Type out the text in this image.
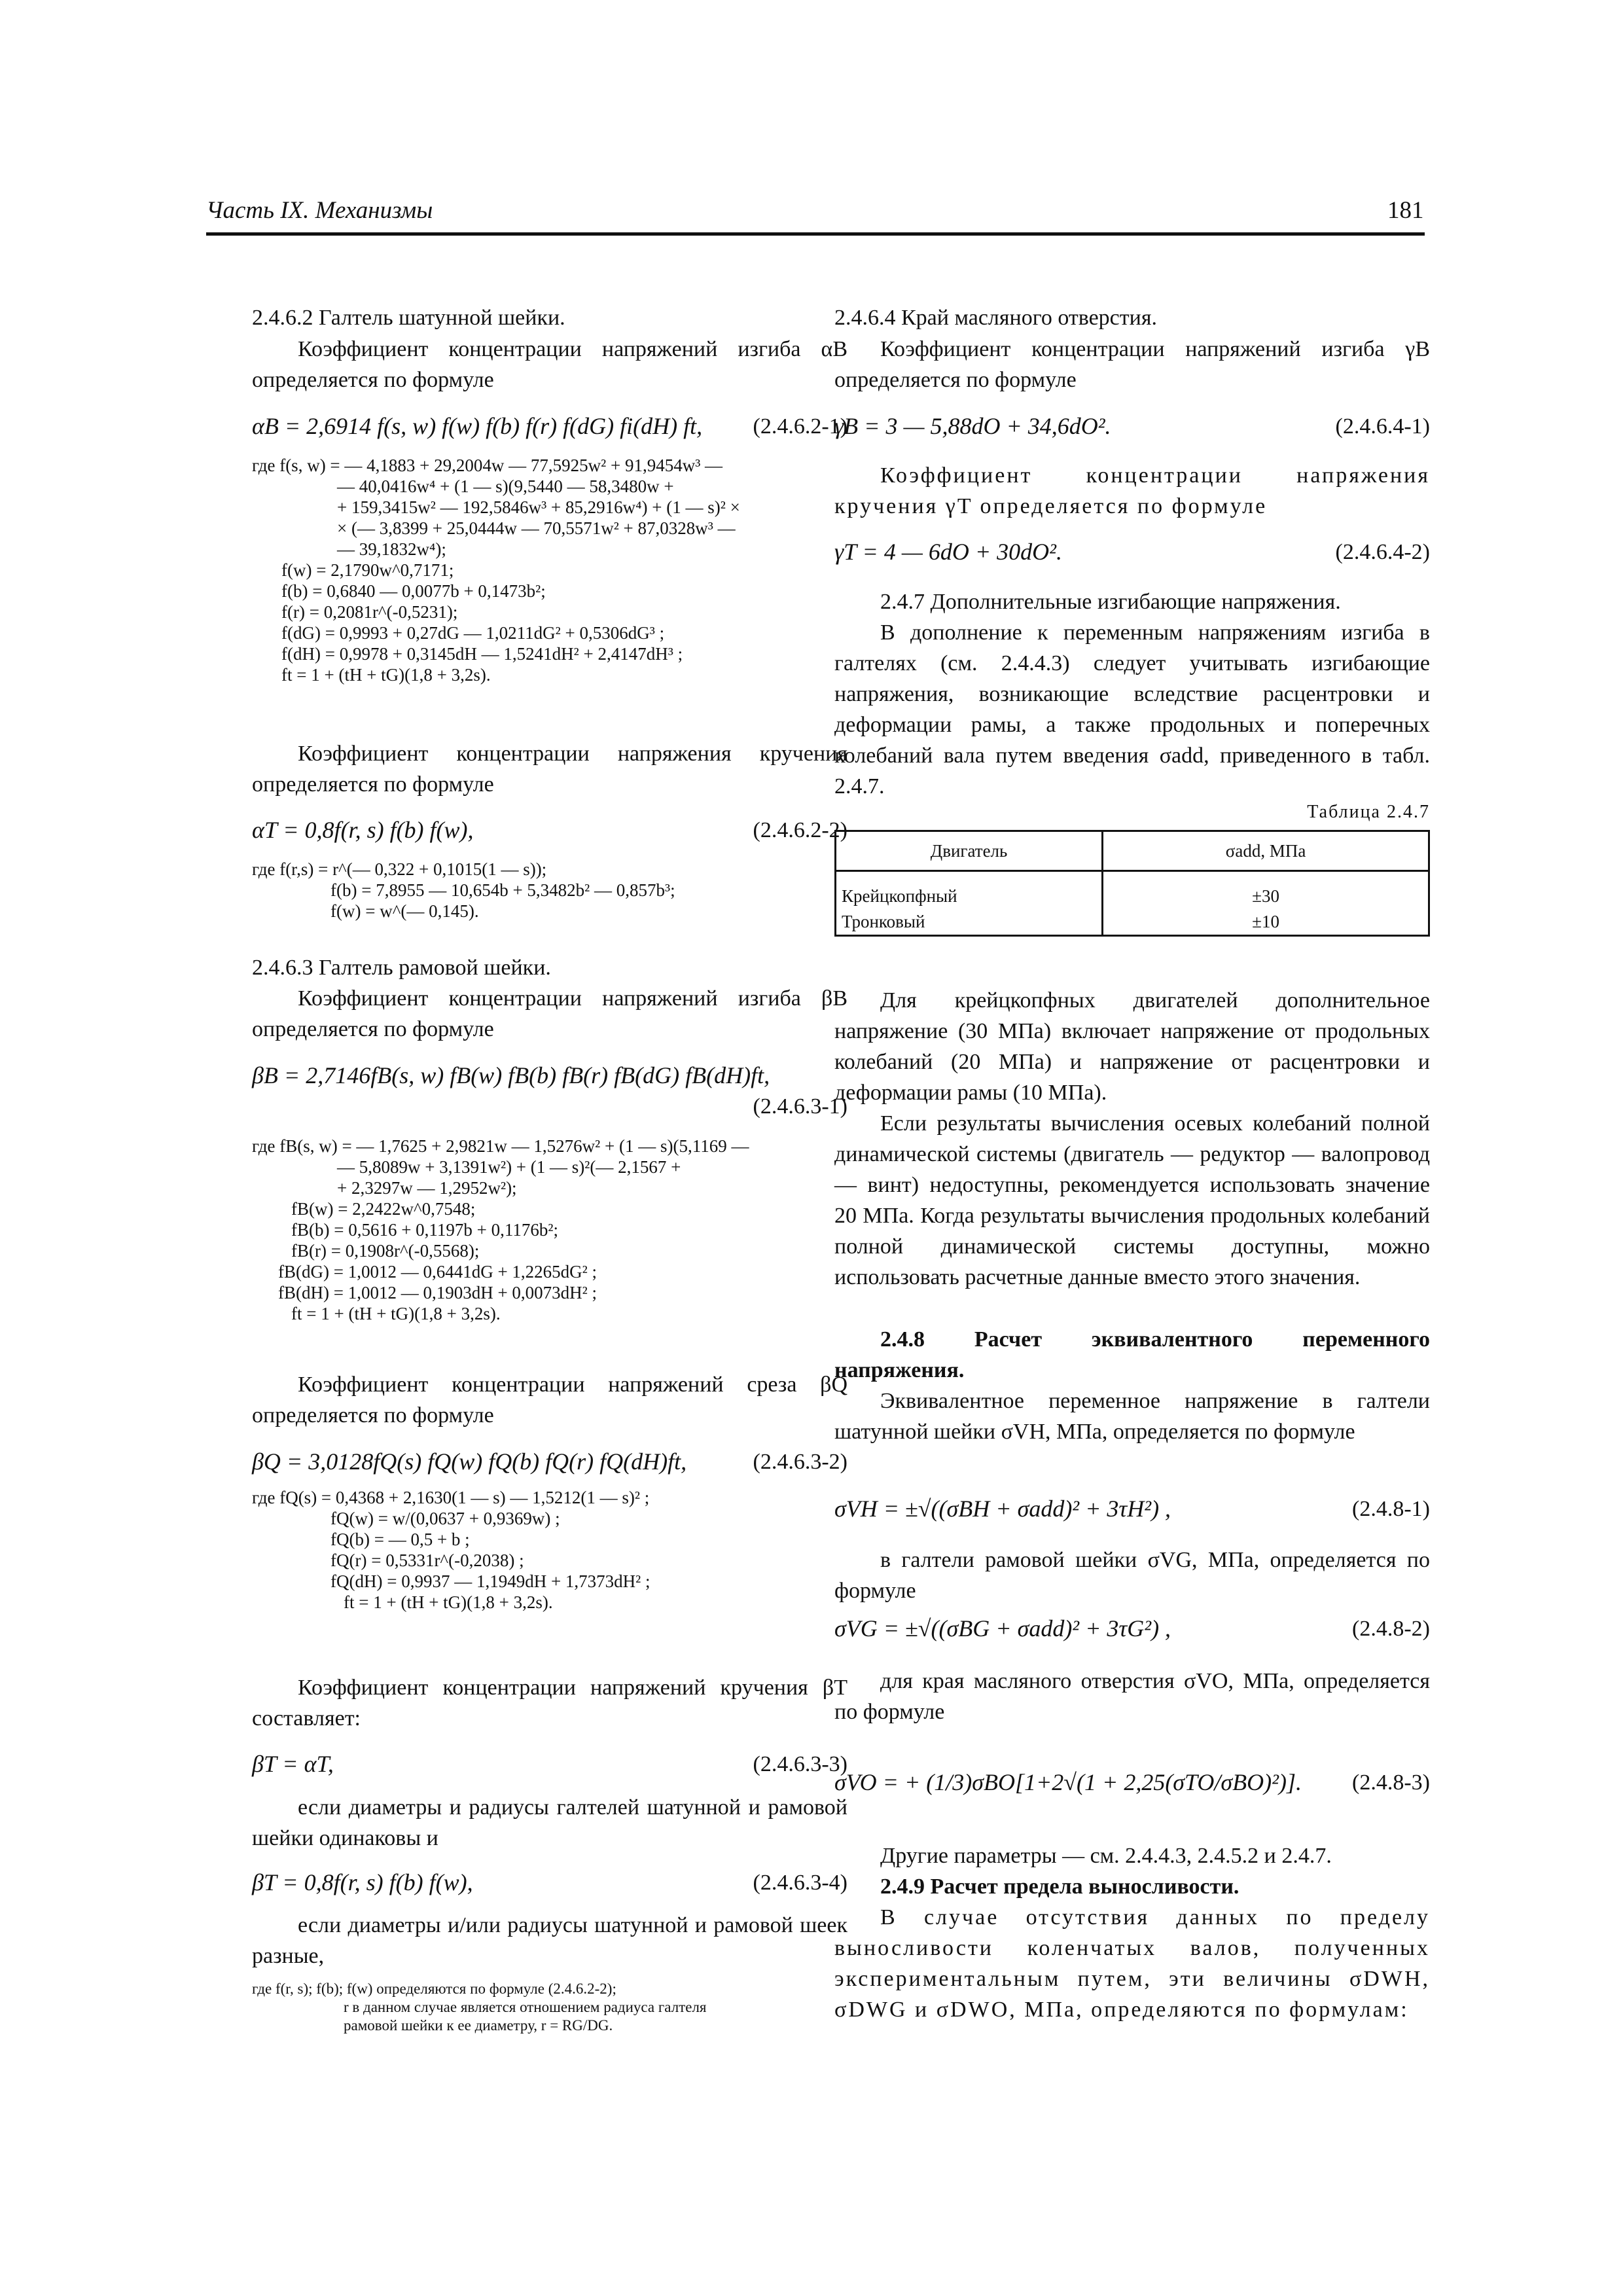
Часть IX. Механизмы	181
2.4.6.2 Галтель шатунной шейки.
Коэффициент концентрации напряжений изгиба αB определяется по формуле
αB = 2,6914 f(s, w) f(w) f(b) f(r) f(dG) fi(dH) ft, (2.4.6.2-1)
где f(s, w) = — 4,1883 + 29,2004w — 77,5925w² + 91,9454w³ —
— 40,0416w⁴ + (1 — s)(9,5440 — 58,3480w +
+ 159,3415w² — 192,5846w³ + 85,2916w⁴) + (1 — s)² ×
× (— 3,8399 + 25,0444w — 70,5571w² + 87,0328w³ —
— 39,1832w⁴);
f(w) = 2,1790w^0,7171;
f(b) = 0,6840 — 0,0077b + 0,1473b²;
f(r) = 0,2081r^(-0,5231);
f(dG) = 0,9993 + 0,27dG — 1,0211dG² + 0,5306dG³ ;
f(dH) = 0,9978 + 0,3145dH — 1,5241dH² + 2,4147dH³ ;
ft = 1 + (tH + tG)(1,8 + 3,2s).
Коэффициент концентрации напряжения кручения определяется по формуле
αT = 0,8f(r, s) f(b) f(w),	(2.4.6.2-2)
где f(r,s) = r^(— 0,322 + 0,1015(1 — s));
f(b) = 7,8955 — 10,654b + 5,3482b² — 0,857b³;
f(w) = w^(— 0,145).
2.4.6.3 Галтель рамовой шейки.
Коэффициент концентрации напряжений изгиба βB определяется по формуле
βB = 2,7146fB(s, w) fB(w) fB(b) fB(r) fB(dG) fB(dH)ft,
(2.4.6.3-1)
где fB(s, w) = — 1,7625 + 2,9821w — 1,5276w² + (1 — s)(5,1169 —
— 5,8089w + 3,1391w²) + (1 — s)²(— 2,1567 +
+ 2,3297w — 1,2952w²);
fB(w) = 2,2422w^0,7548;
fB(b) = 0,5616 + 0,1197b + 0,1176b²;
fB(r) = 0,1908r^(-0,5568);
fB(dG) = 1,0012 — 0,6441dG + 1,2265dG² ;
fB(dH) = 1,0012 — 0,1903dH + 0,0073dH² ;
ft = 1 + (tH + tG)(1,8 + 3,2s).
Коэффициент концентрации напряжений среза βQ определяется по формуле
βQ = 3,0128fQ(s) fQ(w) fQ(b) fQ(r) fQ(dH)ft,	(2.4.6.3-2)
где fQ(s) = 0,4368 + 2,1630(1 — s) — 1,5212(1 — s)² ;
fQ(w) = w/(0,0637 + 0,9369w) ;
fQ(b) = — 0,5 + b ;
fQ(r) = 0,5331r^(-0,2038) ;
fQ(dH) = 0,9937 — 1,1949dH + 1,7373dH² ;
ft = 1 + (tH + tG)(1,8 + 3,2s).
Коэффициент концентрации напряжений кручения βT составляет:
βT = αT,	(2.4.6.3-3)
если диаметры и радиусы галтелей шатунной и рамовой шейки одинаковы и
βT = 0,8f(r, s) f(b) f(w),	(2.4.6.3-4)
если диаметры и/или радиусы шатунной и рамовой шеек разные,
где f(r, s); f(b); f(w) определяются по формуле (2.4.6.2-2);
r в данном случае является отношением радиуса галтеля
рамовой шейки к ее диаметру, r = RG/DG.
2.4.6.4 Край масляного отверстия.
Коэффициент концентрации напряжений изгиба γB определяется по формуле
γB = 3 — 5,88dO + 34,6dO².	(2.4.6.4-1)
Коэффициент концентрации напряжения кручения γT определяется по формуле
γT = 4 — 6dO + 30dO².	(2.4.6.4-2)
2.4.7 Дополнительные изгибающие напряжения.
В дополнение к переменным напряжениям изгиба в галтелях (см. 2.4.4.3) следует учитывать изгибающие напряжения, возникающие вследствие расцентровки и деформации рамы, а также продольных и поперечных колебаний вала путем введения σadd, приведенного в табл. 2.4.7.
Таблица 2.4.7
Двигатель	σadd, МПа
Крейцкопфный	±30
Тронковый	±10
Для крейцкопфных двигателей дополнительное напряжение (30 МПа) включает напряжение от продольных колебаний (20 МПа) и напряжение от расцентровки и деформации рамы (10 МПа).
Если результаты вычисления осевых колебаний полной динамической системы (двигатель — редуктор — валопровод — винт) недоступны, рекомендуется использовать значение 20 МПа. Когда результаты вычисления продольных колебаний полной динамической системы доступны, можно использовать расчетные данные вместо этого значения.
2.4.8 Расчет эквивалентного переменного напряжения.
Эквивалентное переменное напряжение в галтели шатунной шейки σVH, МПа, определяется по формуле
σVH = ±√((σBH + σadd)² + 3τH²) ,	(2.4.8-1)
в галтели рамовой шейки σVG, МПа, определяется по формуле
σVG = ±√((σBG + σadd)² + 3τG²) ,	(2.4.8-2)
для края масляного отверстия σVO, МПа, определяется по формуле
σVO = + (1/3)σBO[1+2√(1 + 2,25(σTO/σBO)²)]. (2.4.8-3)
Другие параметры — см. 2.4.4.3, 2.4.5.2 и 2.4.7.
2.4.9 Расчет предела выносливости.
В случае отсутствия данных по пределу выносливости коленчатых валов, полученных экспериментальным путем, эти величины σDWH, σDWG и σDWO, МПа, определяются по формулам:
